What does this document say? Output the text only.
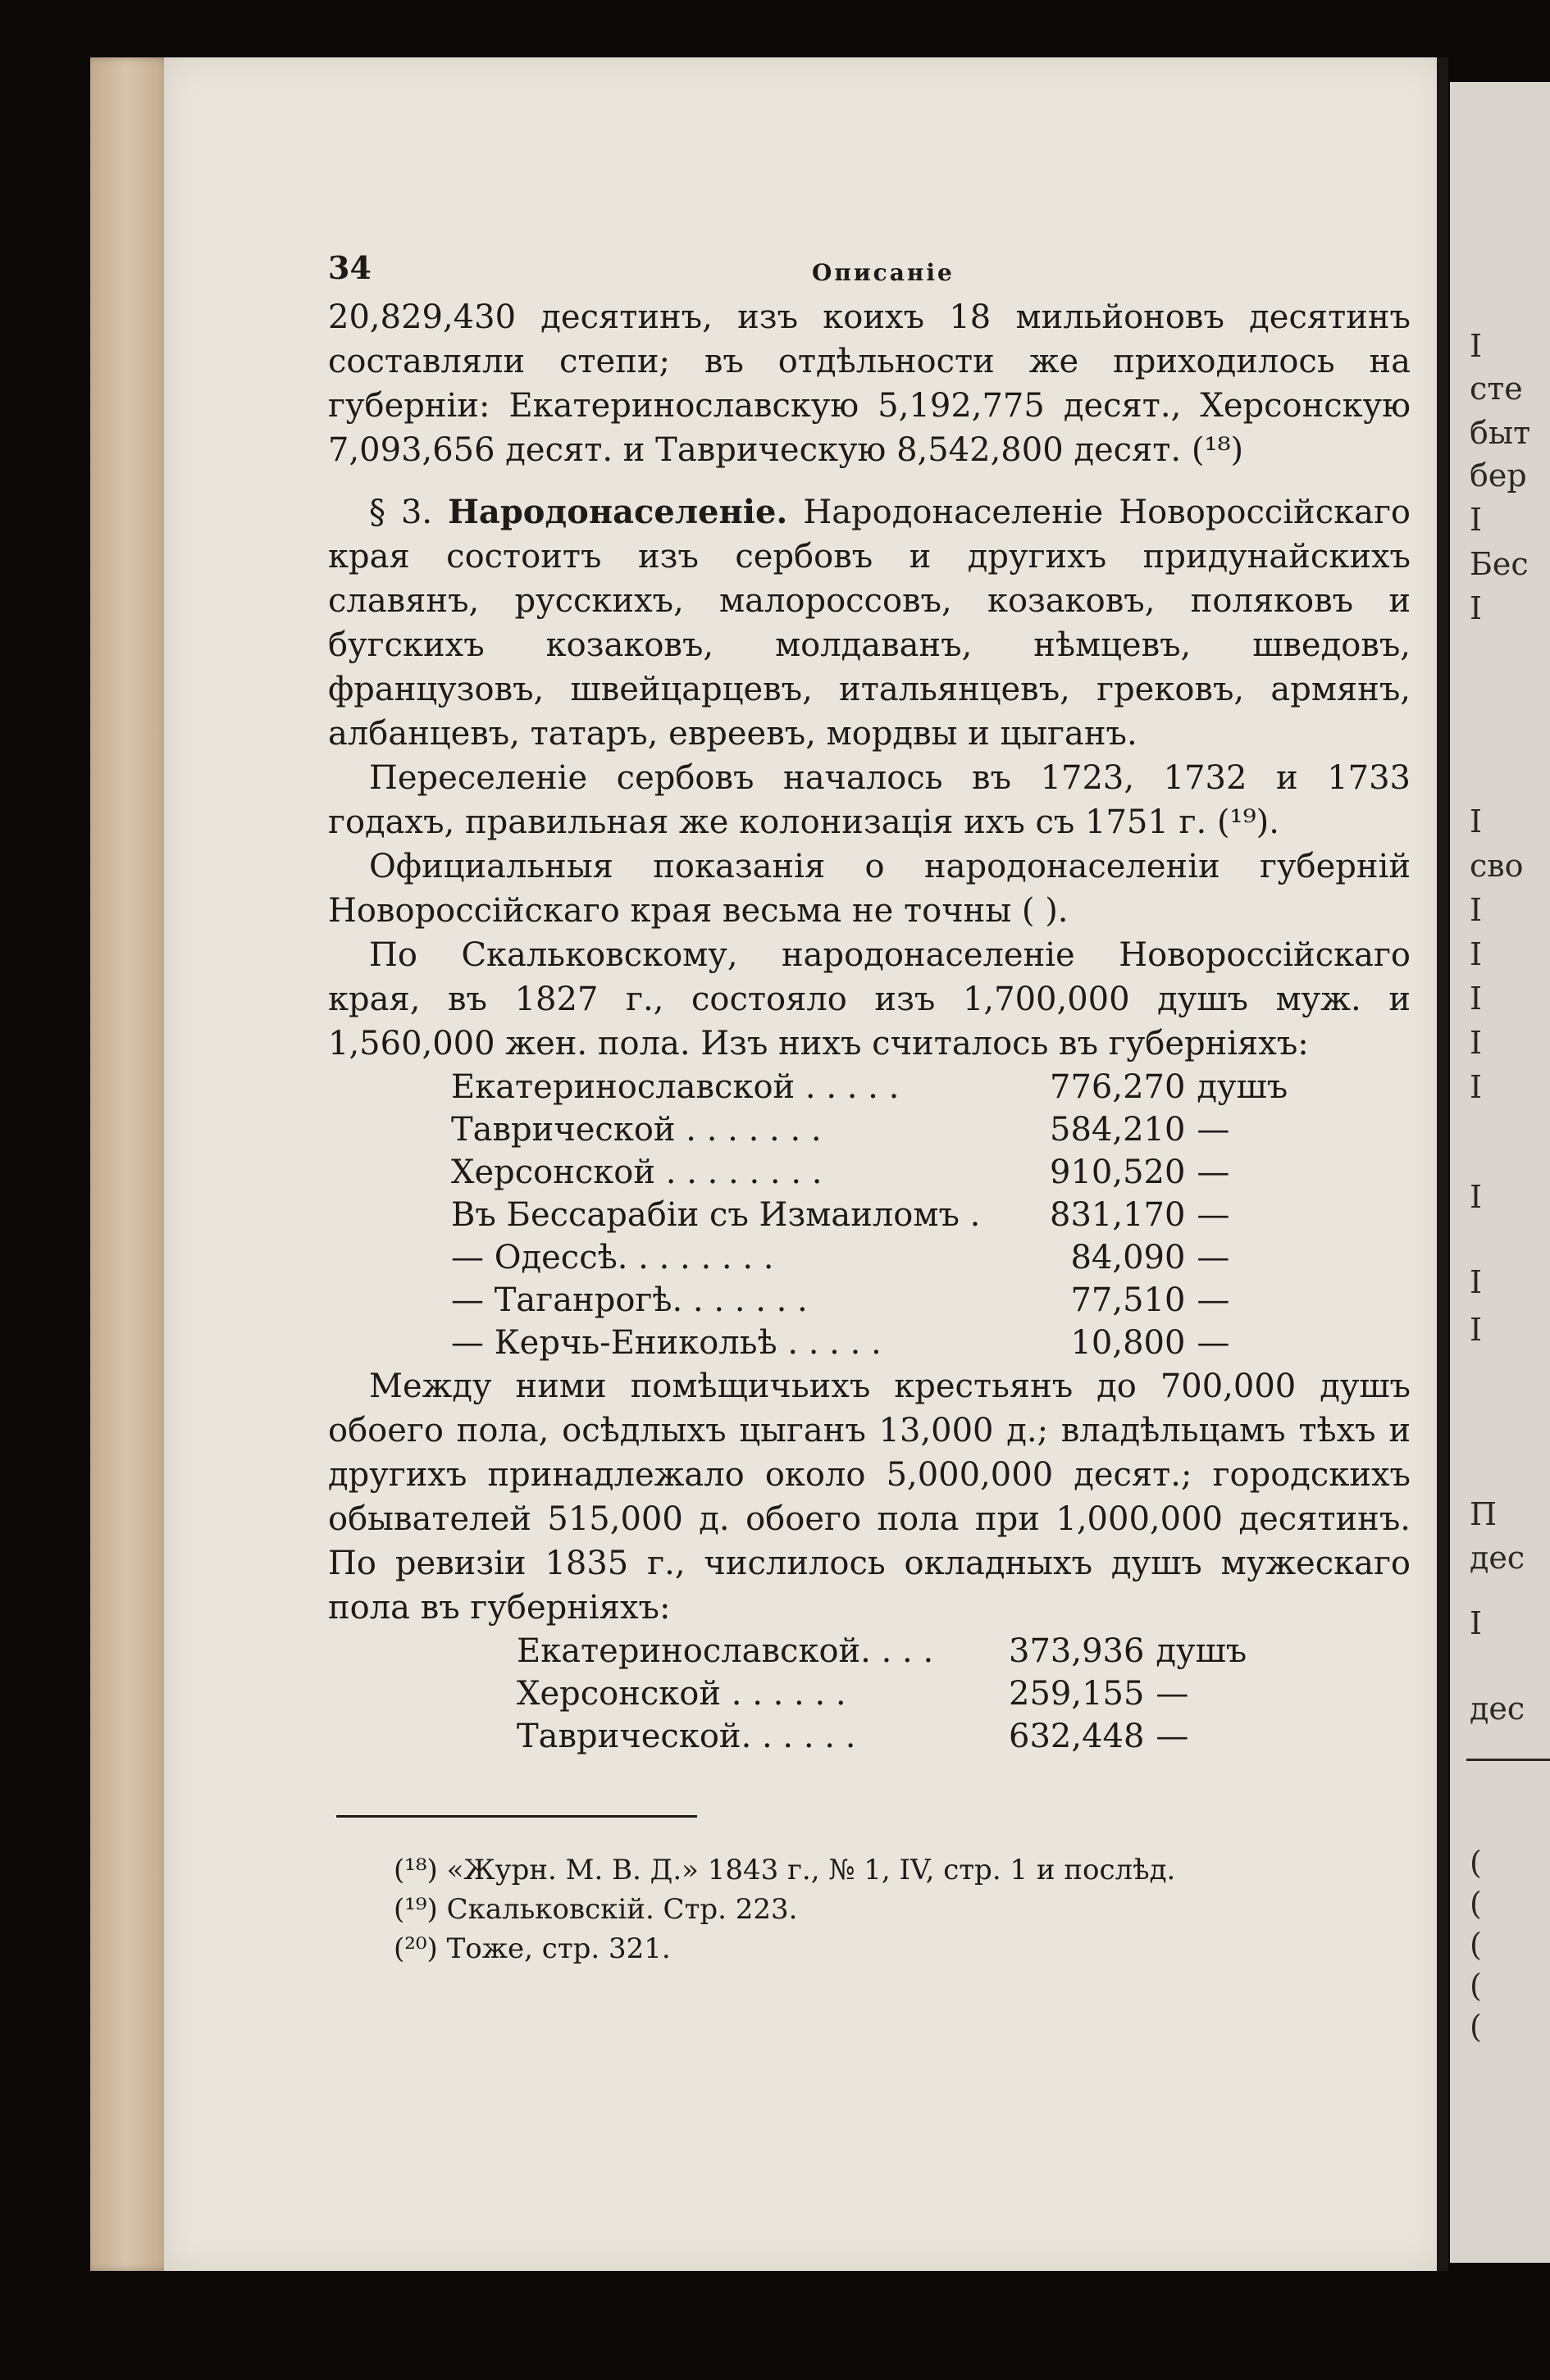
I
сте
быт
бер
I
Бес
I
I
сво
I
I
I
I
I
I
I
I
П
дес
I
дес
(
(
(
(
(
34	Описаніе

20,829,430 десятинъ, изъ коихъ 18 мильйоновъ десятинъ составляли степи; въ отдѣльности же приходилось на губерніи: Екатеринославскую 5,192,775 десят., Херсонскую 7,093,656 десят. и Таврическую 8,542,800 десят. (¹⁸)

§ 3. Народонаселеніе. Народонаселеніе Новороссійскаго края состоитъ изъ сербовъ и другихъ придунайскихъ славянъ, русскихъ, малороссовъ, козаковъ, поляковъ и бугскихъ козаковъ, молдаванъ, нѣмцевъ, шведовъ, французовъ, швейцарцевъ, итальянцевъ, грековъ, армянъ, албанцевъ, татаръ, евреевъ, мордвы и цыганъ.

Переселеніе сербовъ началось въ 1723, 1732 и 1733 годахъ, правильная же колонизація ихъ съ 1751 г. (¹⁹).

Официальныя показанія о народонаселеніи губерній Новороссійскаго края весьма не точны ( ).

По Скальковскому, народонаселеніе Новороссійскаго края, въ 1827 г., состояло изъ 1,700,000 душъ муж. и 1,560,000 жен. пола. Изъ нихъ считалось въ губерніяхъ:

Екатеринославской . . . . .	776,270	душъ
Таврической . . . . . . .	584,210	—
Херсонской . . . . . . . .	910,520	—
Въ Бессарабіи съ Измаиломъ .	831,170	—
— Одессѣ. . . . . . . .	84,090	—
— Таганрогѣ. . . . . . .	77,510	—
— Керчь-Еникольѣ . . . . .	10,800	—

Между ними помѣщичьихъ крестьянъ до 700,000 душъ обоего пола, осѣдлыхъ цыганъ 13,000 д.; владѣльцамъ тѣхъ и другихъ принадлежало около 5,000,000 десят.; городскихъ обывателей 515,000 д. обоего пола при 1,000,000 десятинъ. По ревизіи 1835 г., числилось окладныхъ душъ мужескаго пола въ губерніяхъ:

Екатеринославской. . . .	373,936	душъ
Херсонской . . . . . .	259,155	—
Таврической. . . . . .	632,448	—
(¹⁸) «Журн. М. В. Д.» 1843 г., № 1, IV, стр. 1 и послѣд.
(¹⁹) Скальковскій. Стр. 223.
(²⁰) Тоже, стр. 321.
